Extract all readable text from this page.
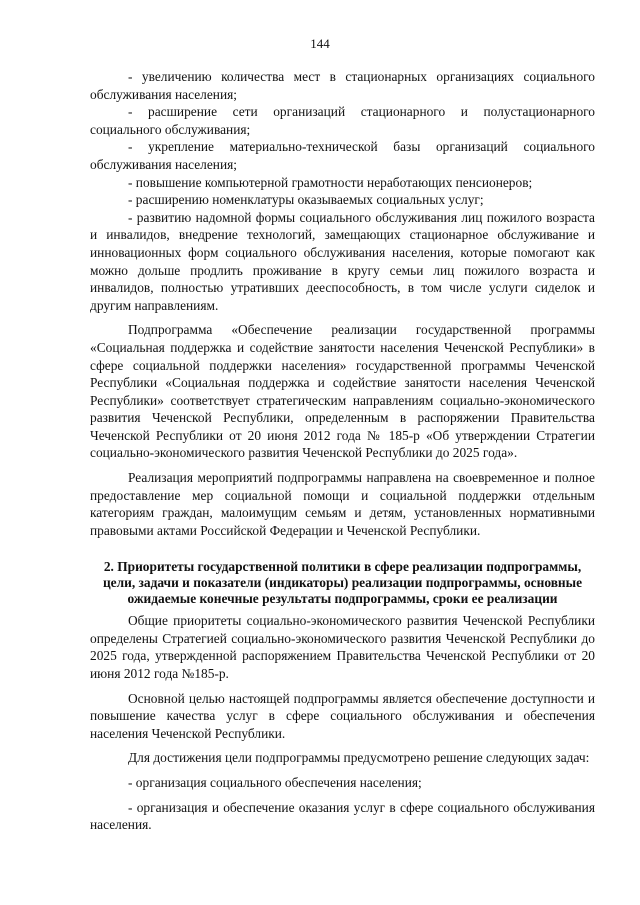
144

- увеличению количества мест в стационарных организациях социального обслуживания населения;

- расширение сети организаций стационарного и полустационарного социального обслуживания;

- укрепление материально-технической базы организаций социального обслуживания населения;

- повышение компьютерной грамотности неработающих пенсионеров;

- расширению номенклатуры оказываемых социальных услуг;

- развитию надомной формы социального обслуживания лиц пожилого возраста и инвалидов, внедрение технологий, замещающих стационарное обслуживание и инновационных форм социального обслуживания населения, которые помогают как можно дольше продлить проживание в кругу семьи лиц пожилого возраста и инвалидов, полностью утративших дееспособность, в том числе услуги сиделок и другим направлениям.

Подпрограмма «Обеспечение реализации государственной программы «Социальная поддержка и содействие занятости населения Чеченской Республики» в сфере социальной поддержки населения» государственной программы Чеченской Республики «Социальная поддержка и содействие занятости населения Чеченской Республики» соответствует стратегическим направлениям социально-экономического развития Чеченской Республики, определенным в распоряжении Правительства Чеченской Республики от 20 июня 2012 года № 185-р «Об утверждении Стратегии социально-экономического развития Чеченской Республики до 2025 года».

Реализация мероприятий подпрограммы направлена на своевременное и полное предоставление мер социальной помощи и социальной поддержки отдельным категориям граждан, малоимущим семьям и детям, установленных нормативными правовыми актами Российской Федерации и Чеченской Республики.

2. Приоритеты государственной политики в сфере реализации подпрограммы, цели, задачи и показатели (индикаторы) реализации подпрограммы, основные ожидаемые конечные результаты подпрограммы, сроки ее реализации

Общие приоритеты социально-экономического развития Чеченской Республики определены Стратегией социально-экономического развития Чеченской Республики до 2025 года, утвержденной распоряжением Правительства Чеченской Республики от 20 июня 2012 года №185-р.

Основной целью настоящей подпрограммы является обеспечение доступности и повышение качества услуг в сфере социального обслуживания и обеспечения населения Чеченской Республики.

Для достижения цели подпрограммы предусмотрено решение следующих задач:

- организация социального обеспечения населения;

- организация и обеспечение оказания услуг в сфере социального обслуживания населения.
